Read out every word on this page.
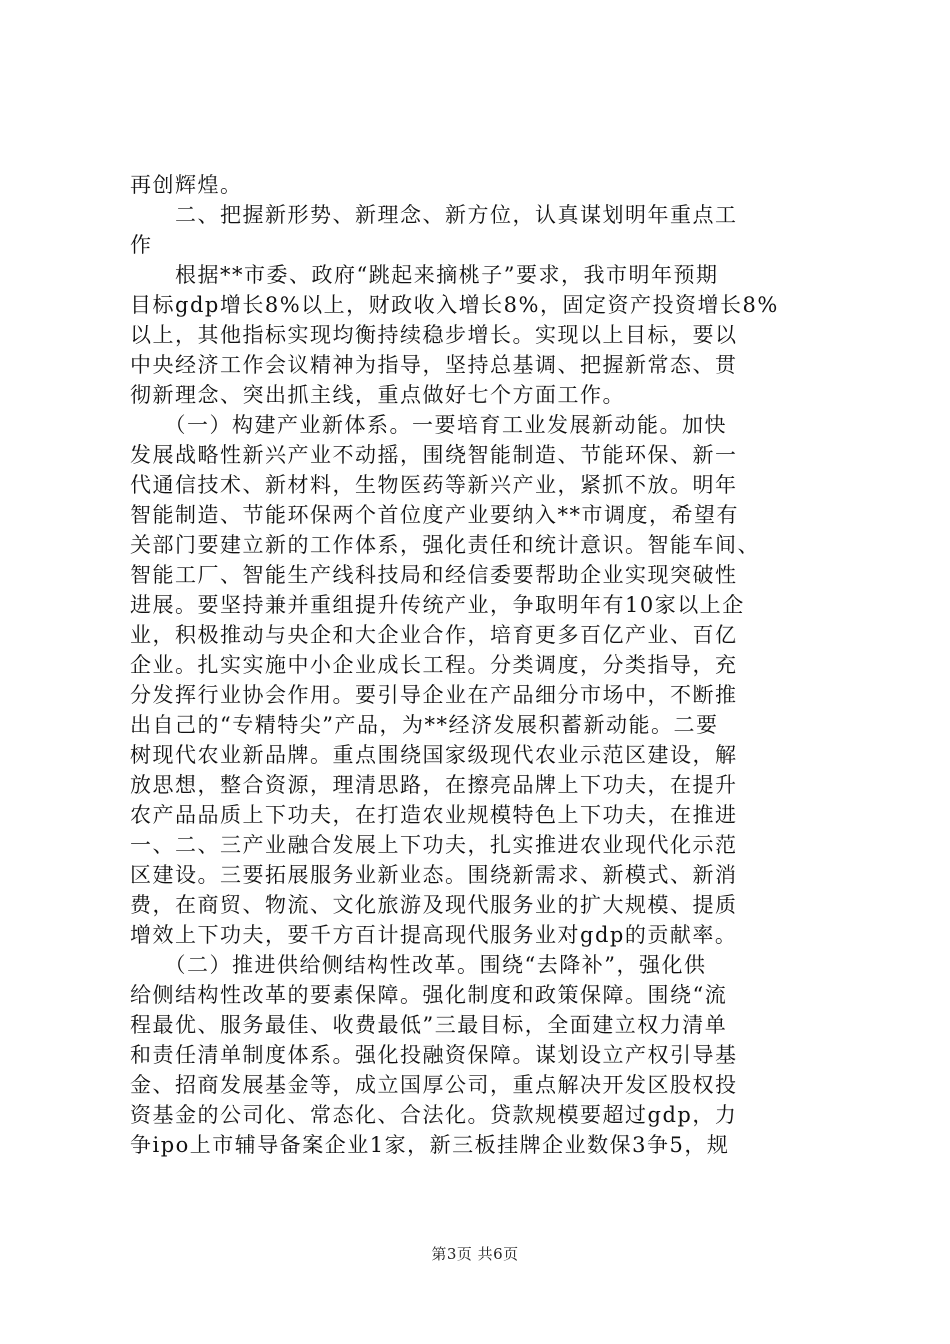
再创辉煌。
　　二、把握新形势、新理念、新方位，认真谋划明年重点工
作
　　根据**市委、政府“跳起来摘桃子”要求，我市明年预期
目标gdp增长8%以上，财政收入增长8%，固定资产投资增长8%
以上，其他指标实现均衡持续稳步增长。实现以上目标，要以
中央经济工作会议精神为指导，坚持总基调、把握新常态、贯
彻新理念、突出抓主线，重点做好七个方面工作。
　　（一）构建产业新体系。一要培育工业发展新动能。加快
发展战略性新兴产业不动摇，围绕智能制造、节能环保、新一
代通信技术、新材料，生物医药等新兴产业，紧抓不放。明年
智能制造、节能环保两个首位度产业要纳入**市调度，希望有
关部门要建立新的工作体系，强化责任和统计意识。智能车间、
智能工厂、智能生产线科技局和经信委要帮助企业实现突破性
进展。要坚持兼并重组提升传统产业，争取明年有10家以上企
业，积极推动与央企和大企业合作，培育更多百亿产业、百亿
企业。扎实实施中小企业成长工程。分类调度，分类指导，充
分发挥行业协会作用。要引导企业在产品细分市场中，不断推
出自己的“专精特尖”产品，为**经济发展积蓄新动能。二要
树现代农业新品牌。重点围绕国家级现代农业示范区建设，解
放思想，整合资源，理清思路，在擦亮品牌上下功夫，在提升
农产品品质上下功夫，在打造农业规模特色上下功夫，在推进
一、二、三产业融合发展上下功夫，扎实推进农业现代化示范
区建设。三要拓展服务业新业态。围绕新需求、新模式、新消
费，在商贸、物流、文化旅游及现代服务业的扩大规模、提质
增效上下功夫，要千方百计提高现代服务业对gdp的贡献率。
　　（二）推进供给侧结构性改革。围绕“去降补”，强化供
给侧结构性改革的要素保障。强化制度和政策保障。围绕“流
程最优、服务最佳、收费最低”三最目标，全面建立权力清单
和责任清单制度体系。强化投融资保障。谋划设立产权引导基
金、招商发展基金等，成立国厚公司，重点解决开发区股权投
资基金的公司化、常态化、合法化。贷款规模要超过gdp，力
争ipo上市辅导备案企业1家，新三板挂牌企业数保3争5，规
第3页 共6页
